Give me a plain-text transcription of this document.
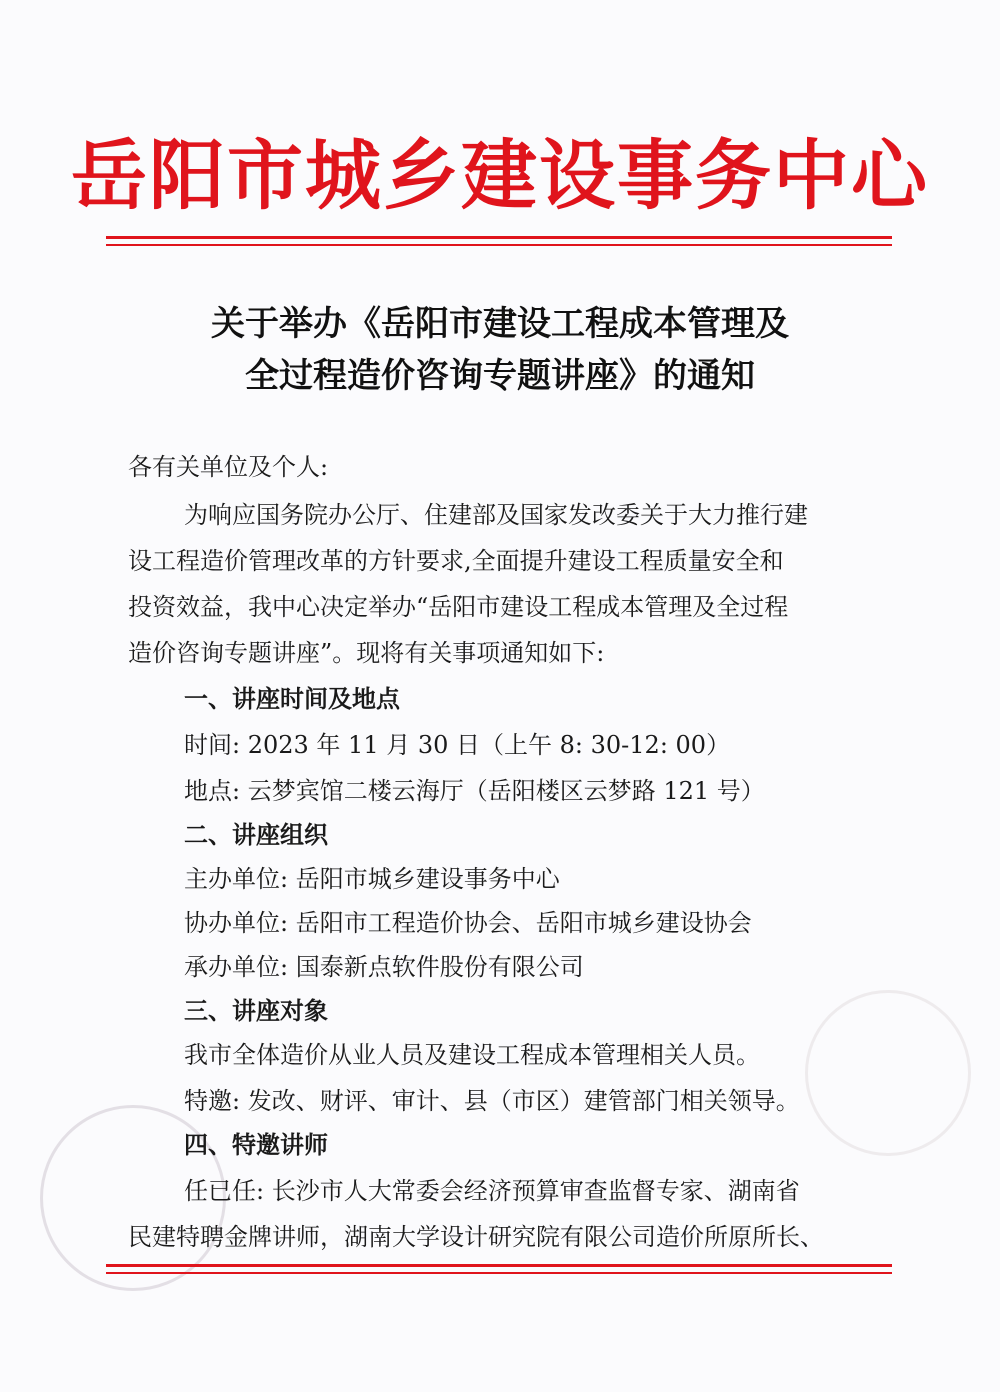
岳阳市城乡建设事务中心
关于举办《岳阳市建设工程成本管理及
全过程造价咨询专题讲座》的通知
各有关单位及个人:
为响应国务院办公厅、住建部及国家发改委关于大力推行建
设工程造价管理改革的方针要求,全面提升建设工程质量安全和
投资效益，我中心决定举办“岳阳市建设工程成本管理及全过程
造价咨询专题讲座”。现将有关事项通知如下:
一、讲座时间及地点
时间: 2023 年 11 月 30 日（上午 8: 30-12: 00）
地点: 云梦宾馆二楼云海厅（岳阳楼区云梦路 121 号）
二、讲座组织
主办单位: 岳阳市城乡建设事务中心
协办单位: 岳阳市工程造价协会、岳阳市城乡建设协会
承办单位: 国泰新点软件股份有限公司
三、讲座对象
我市全体造价从业人员及建设工程成本管理相关人员。
特邀: 发改、财评、审计、县（市区）建管部门相关领导。
四、特邀讲师
任已任: 长沙市人大常委会经济预算审查监督专家、湖南省
民建特聘金牌讲师，湖南大学设计研究院有限公司造价所原所长、
